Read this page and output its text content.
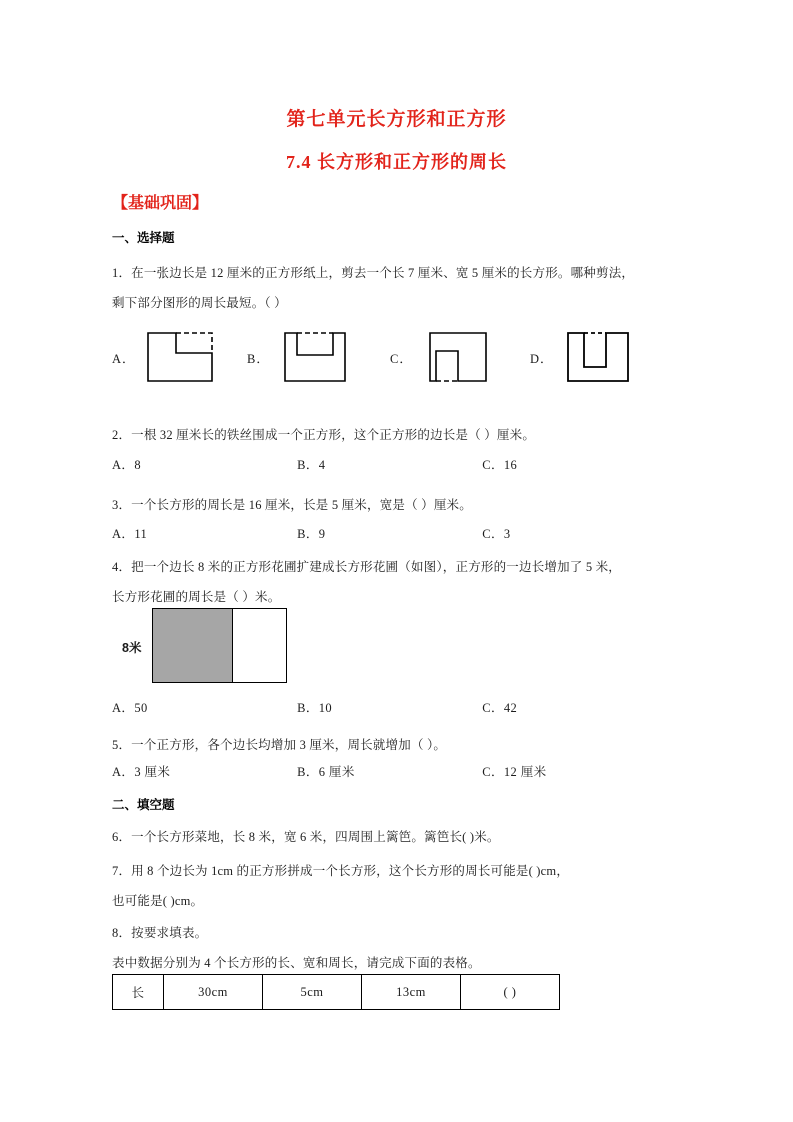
第七单元长方形和正方形
7.4 长方形和正方形的周长
【基础巩固】
一、选择题
1．在一张边长是 12 厘米的正方形纸上，剪去一个长 7 厘米、宽 5 厘米的长方形。哪种剪法，
剩下部分图形的周长最短。（ ）
A．	B．	C．	D．
2．一根 32 厘米长的铁丝围成一个正方形，这个正方形的边长是（ ）厘米。
A．8	B．4	C．16
3．一个长方形的周长是 16 厘米，长是 5 厘米，宽是（ ）厘米。
A．11	B．9	C．3
4．把一个边长 8 米的正方形花圃扩建成长方形花圃（如图），正方形的一边长增加了 5 米，
长方形花圃的周长是（ ）米。
8米
A．50	B．10	C．42
5．一个正方形，各个边长均增加 3 厘米，周长就增加（ ）。
A．3 厘米	B．6 厘米	C．12 厘米
二、填空题
6．一个长方形菜地，长 8 米，宽 6 米，四周围上篱笆。篱笆长( )米。
7．用 8 个边长为 1cm 的正方形拼成一个长方形，这个长方形的周长可能是( )cm，
也可能是( )cm。
8．按要求填表。
表中数据分别为 4 个长方形的长、宽和周长，请完成下面的表格。
长	30cm	5cm	13cm	( )
